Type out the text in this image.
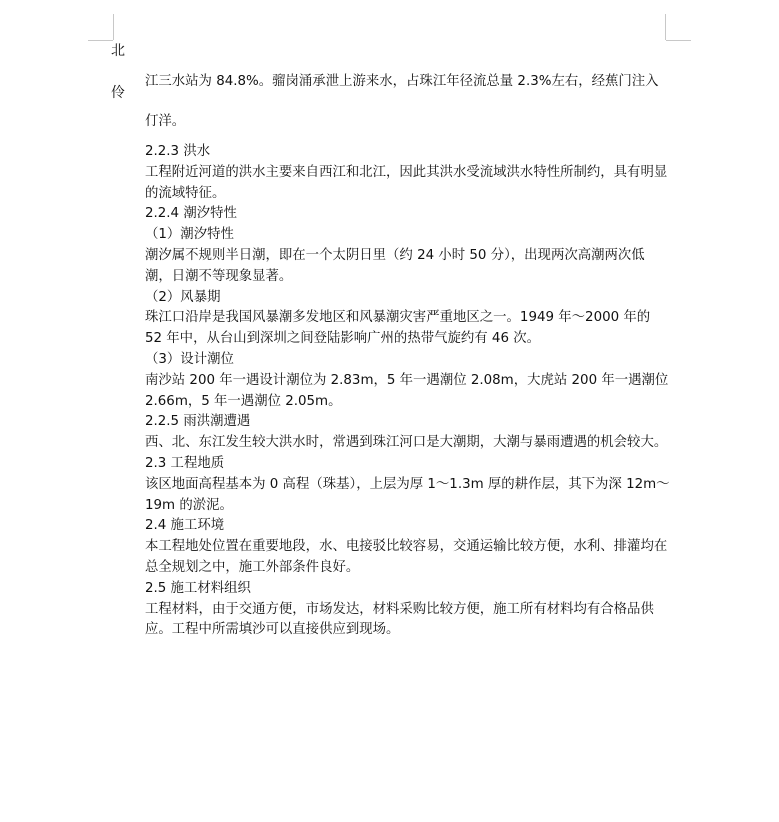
北
伶

江三水站为 84.8%。骝岗涌承泄上游来水，占珠江年径流总量 2.3%左右，经蕉门注入
仃洋。

2.2.3 洪水

工程附近河道的洪水主要来自西江和北江，因此其洪水受流域洪水特性所制约，具有明显的流域特征。

2.2.4 潮汐特性

（1）潮汐特性

潮汐属不规则半日潮，即在一个太阴日里（约 24 小时 50 分），出现两次高潮两次低潮，日潮不等现象显著。

（2）风暴期

珠江口沿岸是我国风暴潮多发地区和风暴潮灾害严重地区之一。1949 年～2000 年的 52 年中，从台山到深圳之间登陆影响广州的热带气旋约有 46 次。

（3）设计潮位

南沙站 200 年一遇设计潮位为 2.83m，5 年一遇潮位 2.08m，大虎站 200 年一遇潮位 2.66m，5 年一遇潮位 2.05m。

2.2.5 雨洪潮遭遇

西、北、东江发生较大洪水时，常遇到珠江河口是大潮期，大潮与暴雨遭遇的机会较大。

2.3 工程地质

该区地面高程基本为 0 高程（珠基），上层为厚 1～1.3m 厚的耕作层，其下为深 12m～19m 的淤泥。

2.4 施工环境

本工程地处位置在重要地段，水、电接驳比较容易，交通运输比较方便，水利、排灌均在总全规划之中，施工外部条件良好。

2.5 施工材料组织

工程材料，由于交通方便，市场发达，材料采购比较方便，施工所有材料均有合格品供应。工程中所需填沙可以直接供应到现场。
